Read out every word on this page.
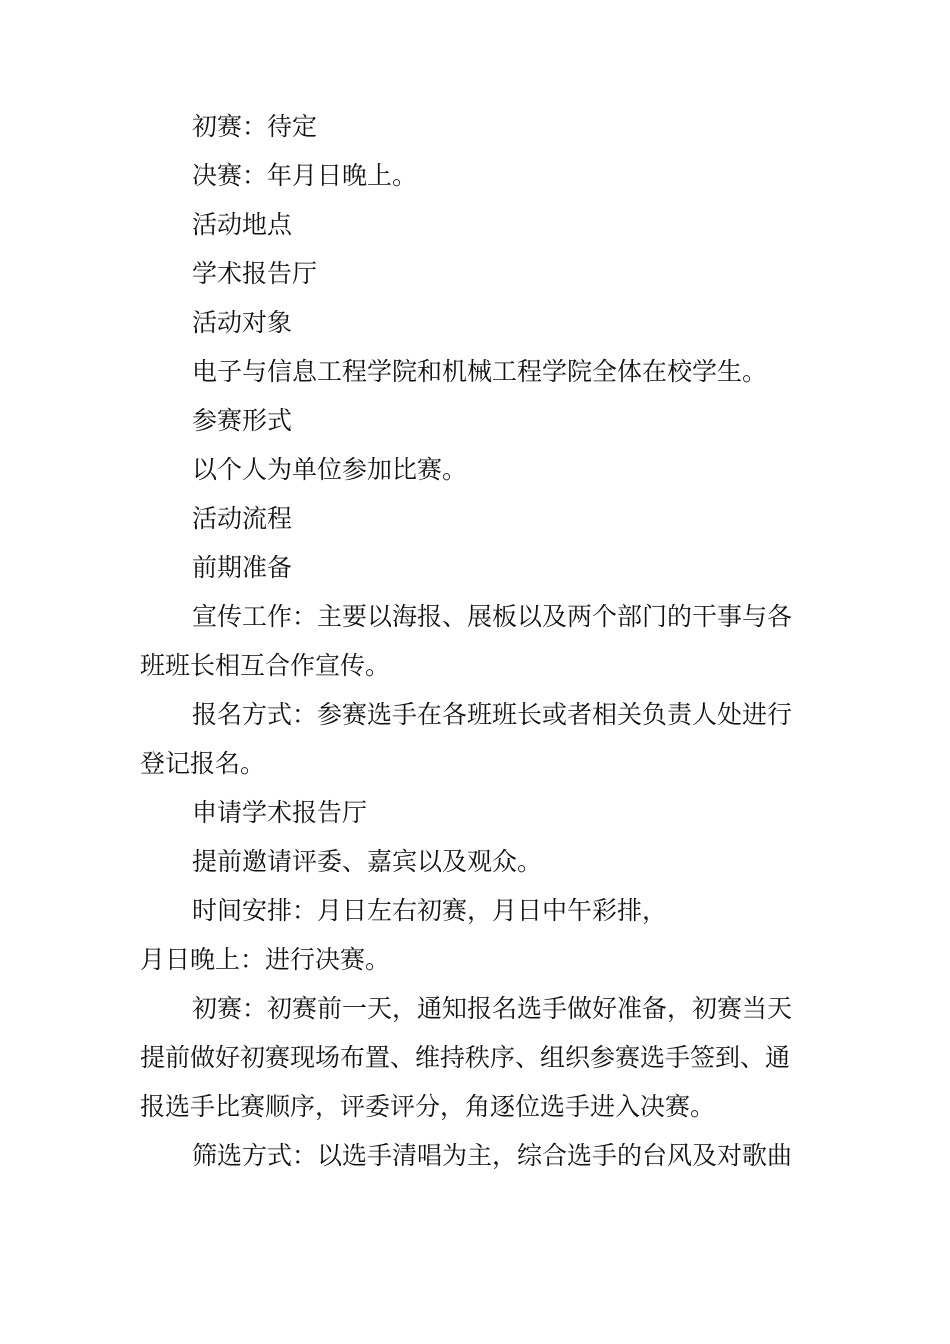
初赛：待定
决赛：年月日晚上。
活动地点
学术报告厅
活动对象
电子与信息工程学院和机械工程学院全体在校学生。
参赛形式
以个人为单位参加比赛。
活动流程
前期准备
宣传工作：主要以海报、展板以及两个部门的干事与各
班班长相互合作宣传。
报名方式：参赛选手在各班班长或者相关负责人处进行
登记报名。
申请学术报告厅
提前邀请评委、嘉宾以及观众。
时间安排：月日左右初赛，月日中午彩排，
月日晚上：进行决赛。
初赛：初赛前一天，通知报名选手做好准备，初赛当天
提前做好初赛现场布置、维持秩序、组织参赛选手签到、通
报选手比赛顺序，评委评分，角逐位选手进入决赛。
筛选方式：以选手清唱为主，综合选手的台风及对歌曲
